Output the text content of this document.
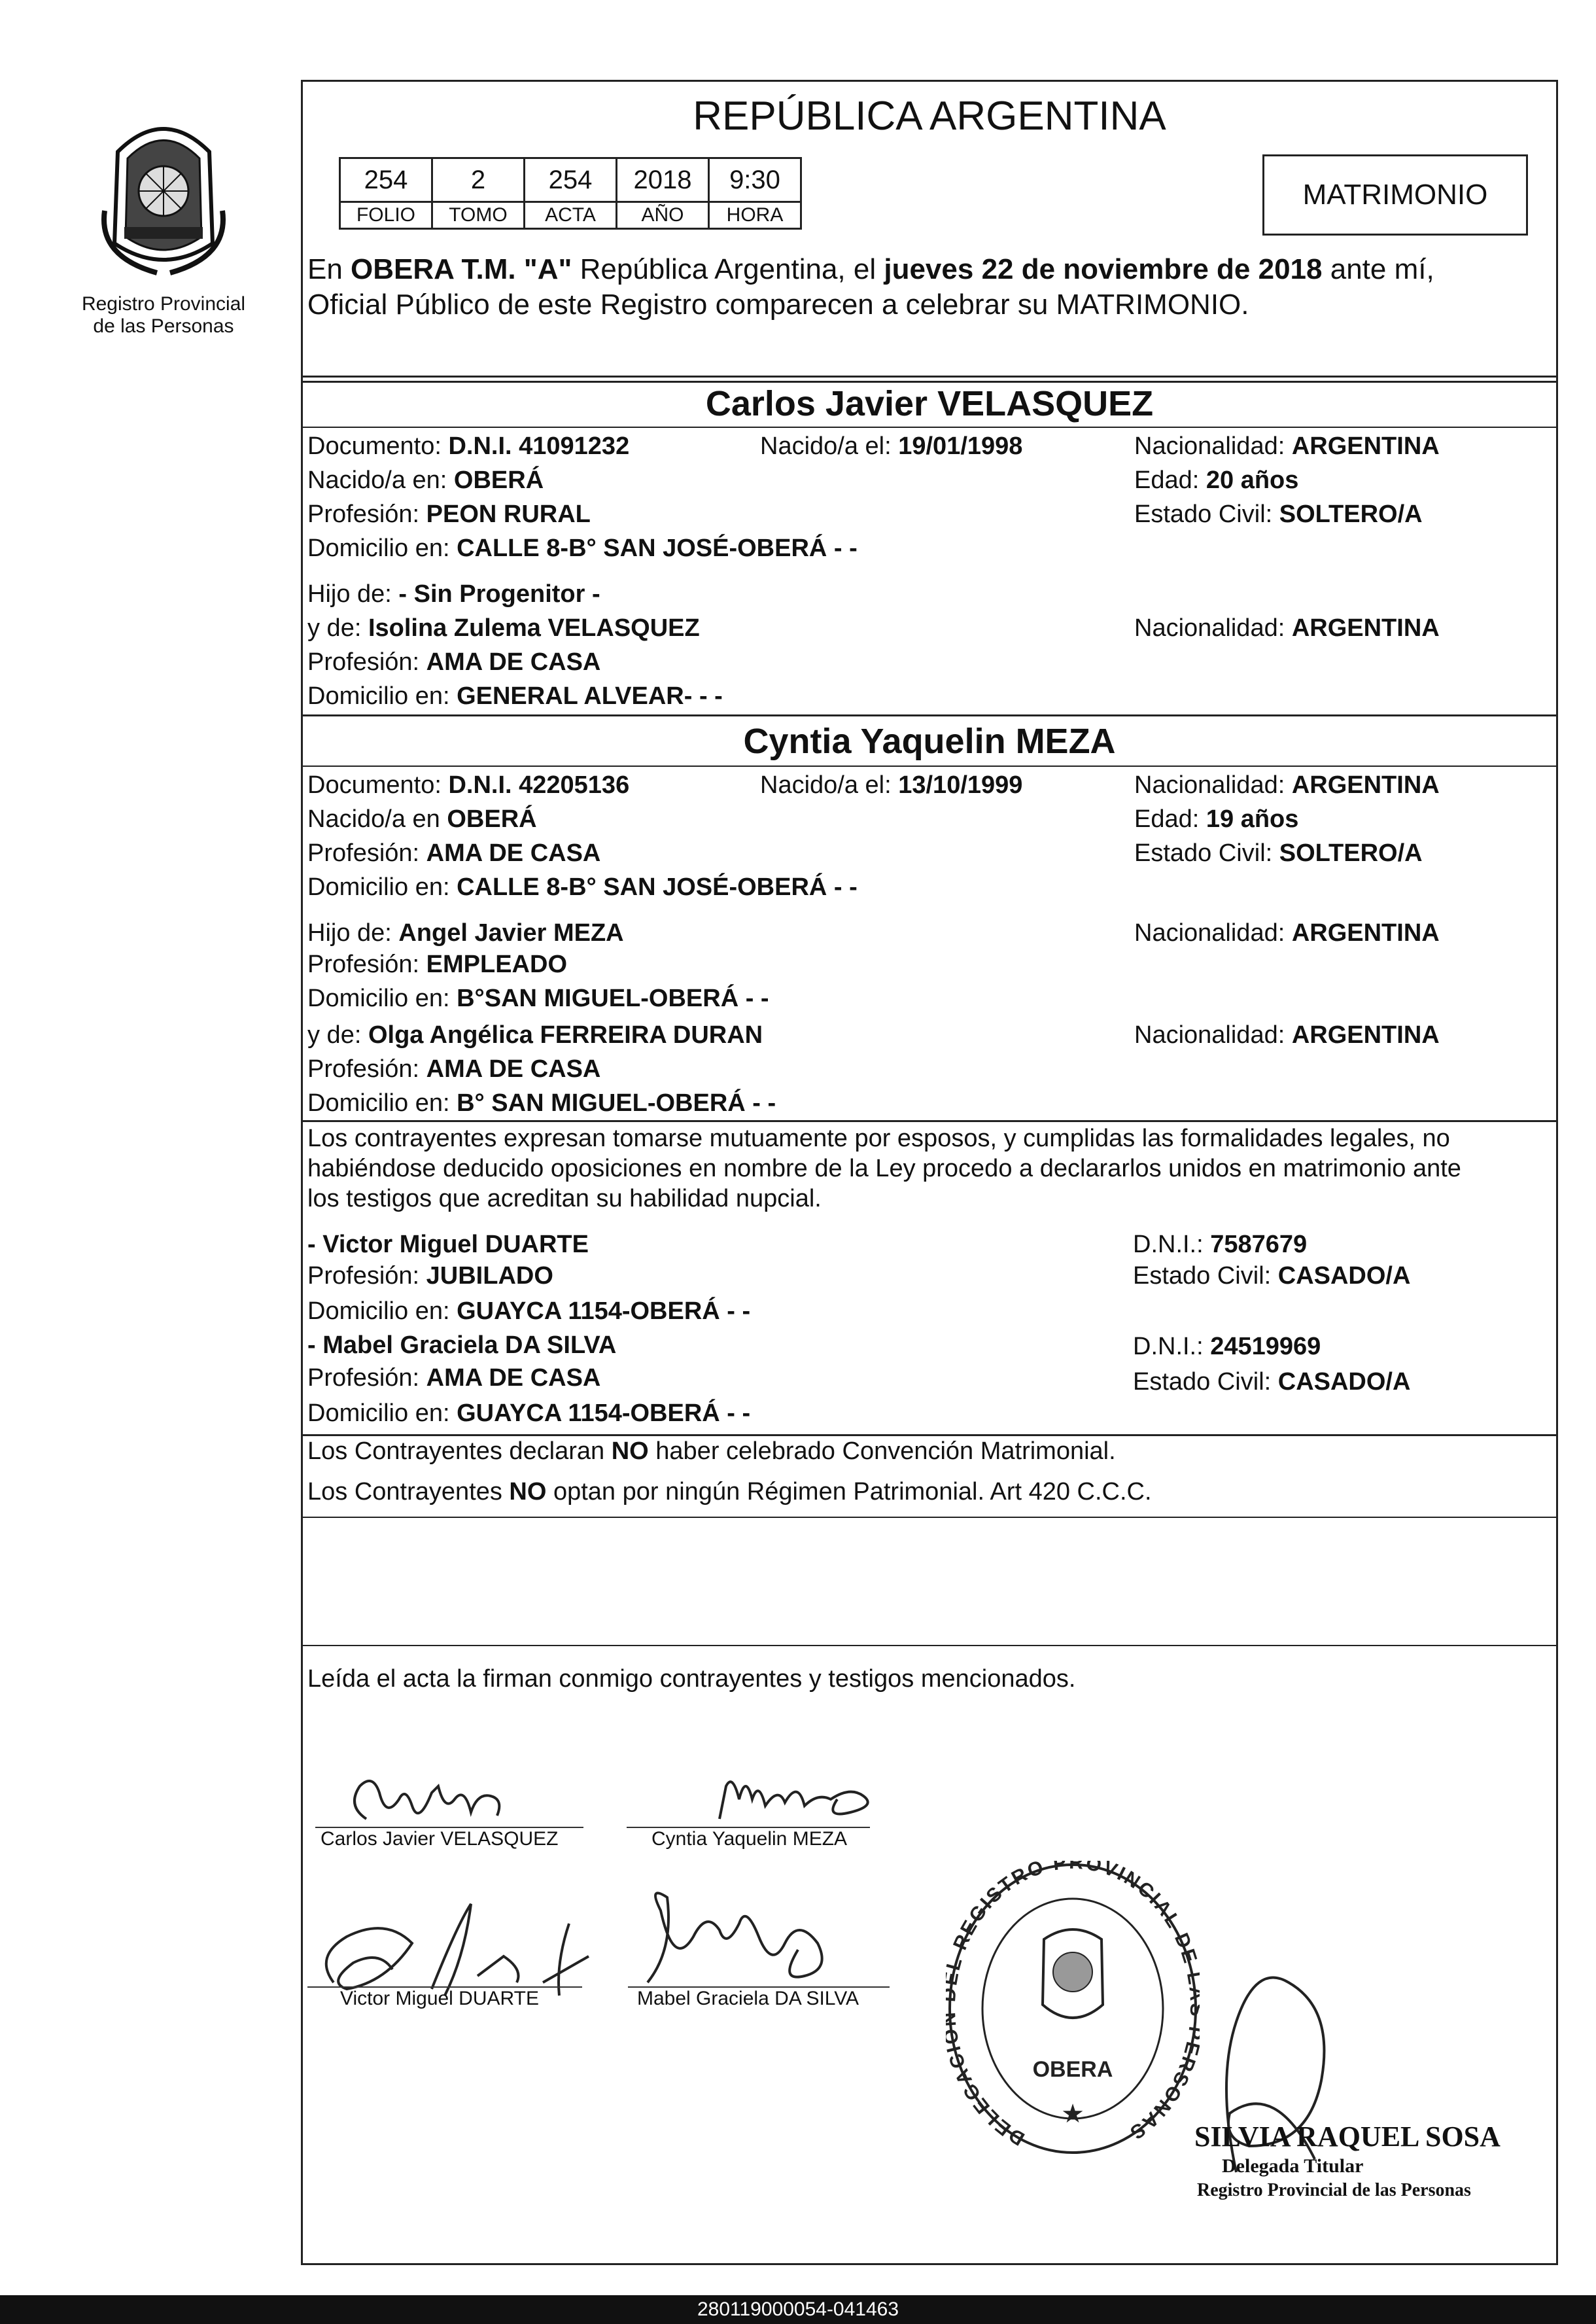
Registro Provincial
de las Personas
REPÚBLICA ARGENTINA
254	2	254	2018	9:30
FOLIO	TOMO	ACTA	AÑO	HORA
MATRIMONIO
En OBERA T.M. "A" República Argentina, el jueves 22 de noviembre de 2018 ante mí,
Oficial Público de este Registro comparecen a celebrar su MATRIMONIO.
Carlos Javier VELASQUEZ
Documento: D.N.I. 41091232	Nacido/a el: 19/01/1998	Nacionalidad: ARGENTINA
Nacido/a en: OBERÁ	Edad: 20 años
Profesión: PEON RURAL	Estado Civil: SOLTERO/A
Domicilio en: CALLE 8-B° SAN JOSÉ-OBERÁ - -
Hijo de: - Sin Progenitor -
y de: Isolina Zulema VELASQUEZ	Nacionalidad: ARGENTINA
Profesión: AMA DE CASA
Domicilio en: GENERAL ALVEAR- - -
Cyntia Yaquelin MEZA
Documento: D.N.I. 42205136	Nacido/a el: 13/10/1999	Nacionalidad: ARGENTINA
Nacido/a en OBERÁ	Edad: 19 años
Profesión: AMA DE CASA	Estado Civil: SOLTERO/A
Domicilio en: CALLE 8-B° SAN JOSÉ-OBERÁ - -
Hijo de: Angel Javier MEZA	Nacionalidad: ARGENTINA
Profesión: EMPLEADO
Domicilio en: B°SAN MIGUEL-OBERÁ - -
y de: Olga Angélica FERREIRA DURAN	Nacionalidad: ARGENTINA
Profesión: AMA DE CASA
Domicilio en: B° SAN MIGUEL-OBERÁ - -
Los contrayentes expresan tomarse mutuamente por esposos, y cumplidas las formalidades legales, no
habiéndose deducido oposiciones en nombre de la Ley procedo a declararlos unidos en matrimonio ante
los testigos que acreditan su habilidad nupcial.
- Victor Miguel DUARTE	D.N.I.: 7587679
Profesión: JUBILADO	Estado Civil: CASADO/A
Domicilio en: GUAYCA 1154-OBERÁ - -
- Mabel Graciela DA SILVA	D.N.I.: 24519969
Profesión: AMA DE CASA	Estado Civil: CASADO/A
Domicilio en: GUAYCA 1154-OBERÁ - -
Los Contrayentes declaran NO haber celebrado Convención Matrimonial.
Los Contrayentes NO optan por ningún Régimen Patrimonial. Art 420 C.C.C.
Leída el acta la firman conmigo contrayentes y testigos mencionados.
Carlos Javier VELASQUEZ	Cyntia Yaquelin MEZA
Victor Miguel DUARTE	Mabel Graciela DA SILVA
DELEGAC REGISTRO PROVINCIAL DE RSONAS
OBERA
★
SILVIA RAQUEL SOSA
Delegada Titular
Registro Provincial de las Personas
280119000054-041463
